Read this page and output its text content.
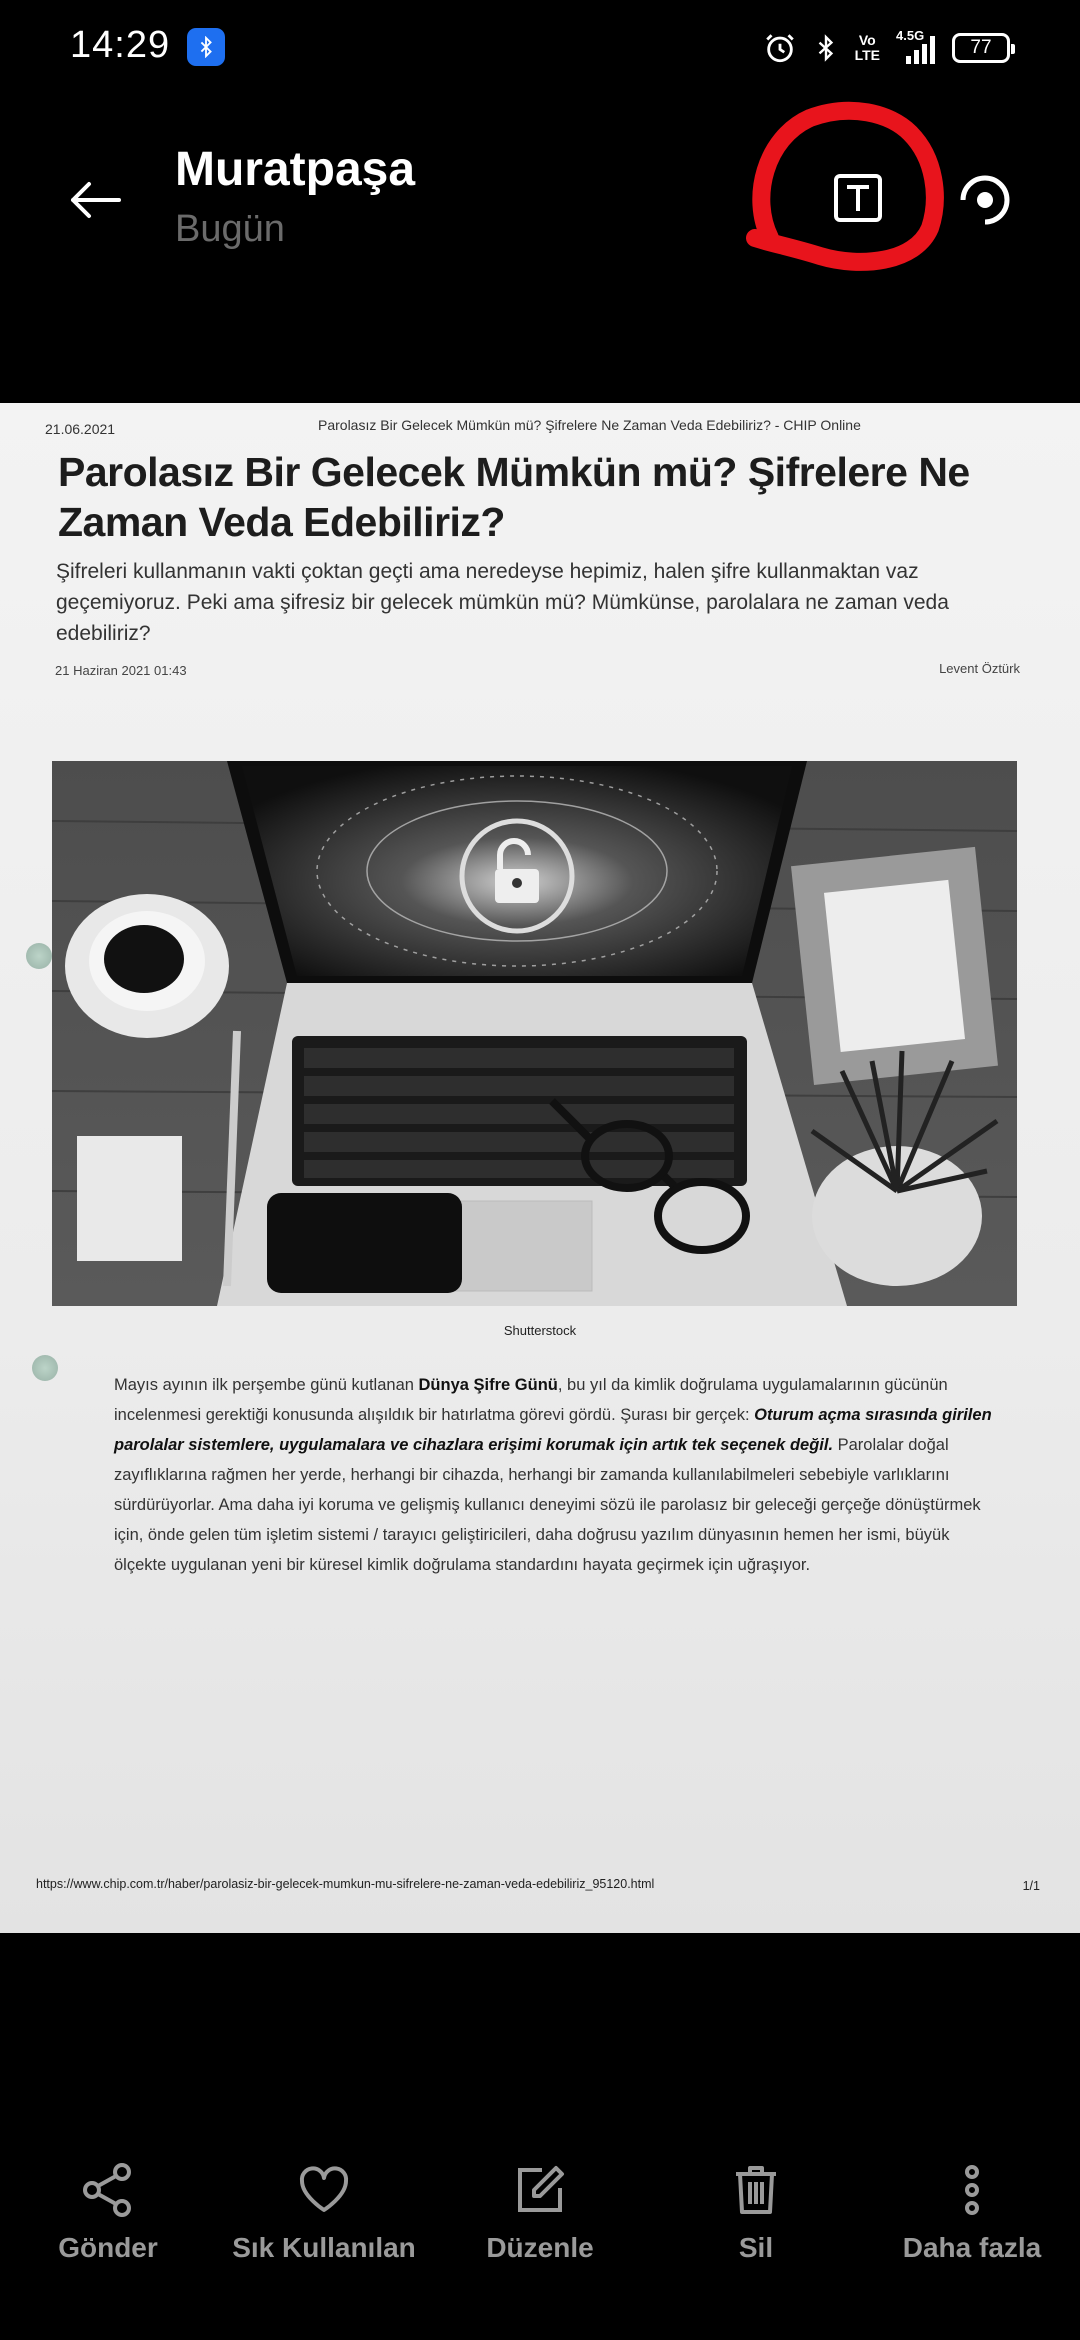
14:29	Vo
LTE
4.5G
77
Muratpaşa
Bugün
21.06.2021	Parolasız Bir Gelecek Mümkün mü? Şifrelere Ne Zaman Veda Edebiliriz? - CHIP Online
Parolasız Bir Gelecek Mümkün mü? Şifrelere Ne Zaman Veda Edebiliriz?
Şifreleri kullanmanın vakti çoktan geçti ama neredeyse hepimiz, halen şifre kullanmaktan vaz geçemiyoruz. Peki ama şifresiz bir gelecek mümkün mü? Mümkünse, parolalara ne zaman veda edebiliriz?
21 Haziran 2021 01:43	Levent Öztürk
Shutterstock
Mayıs ayının ilk perşembe günü kutlanan Dünya Şifre Günü, bu yıl da kimlik doğrulama uygulamalarının gücünün incelenmesi gerektiği konusunda alışıldık bir hatırlatma görevi gördü. Şurası bir gerçek: Oturum açma sırasında girilen parolalar sistemlere, uygulamalara ve cihazlara erişimi korumak için artık tek seçenek değil. Parolalar doğal zayıflıklarına rağmen her yerde, herhangi bir cihazda, herhangi bir zamanda kullanılabilmeleri sebebiyle varlıklarını sürdürüyorlar. Ama daha iyi koruma ve gelişmiş kullanıcı deneyimi sözü ile parolasız bir geleceği gerçeğe dönüştürmek için, önde gelen tüm işletim sistemi / tarayıcı geliştiricileri, daha doğrusu yazılım dünyasının hemen her ismi, büyük ölçekte uygulanan yeni bir küresel kimlik doğrulama standardını hayata geçirmek için uğraşıyor.
https://www.chip.com.tr/haber/parolasiz-bir-gelecek-mumkun-mu-sifrelere-ne-zaman-veda-edebiliriz_95120.html	1/1
Gönder	Sık Kullanılan	Düzenle	Sil	Daha fazla
